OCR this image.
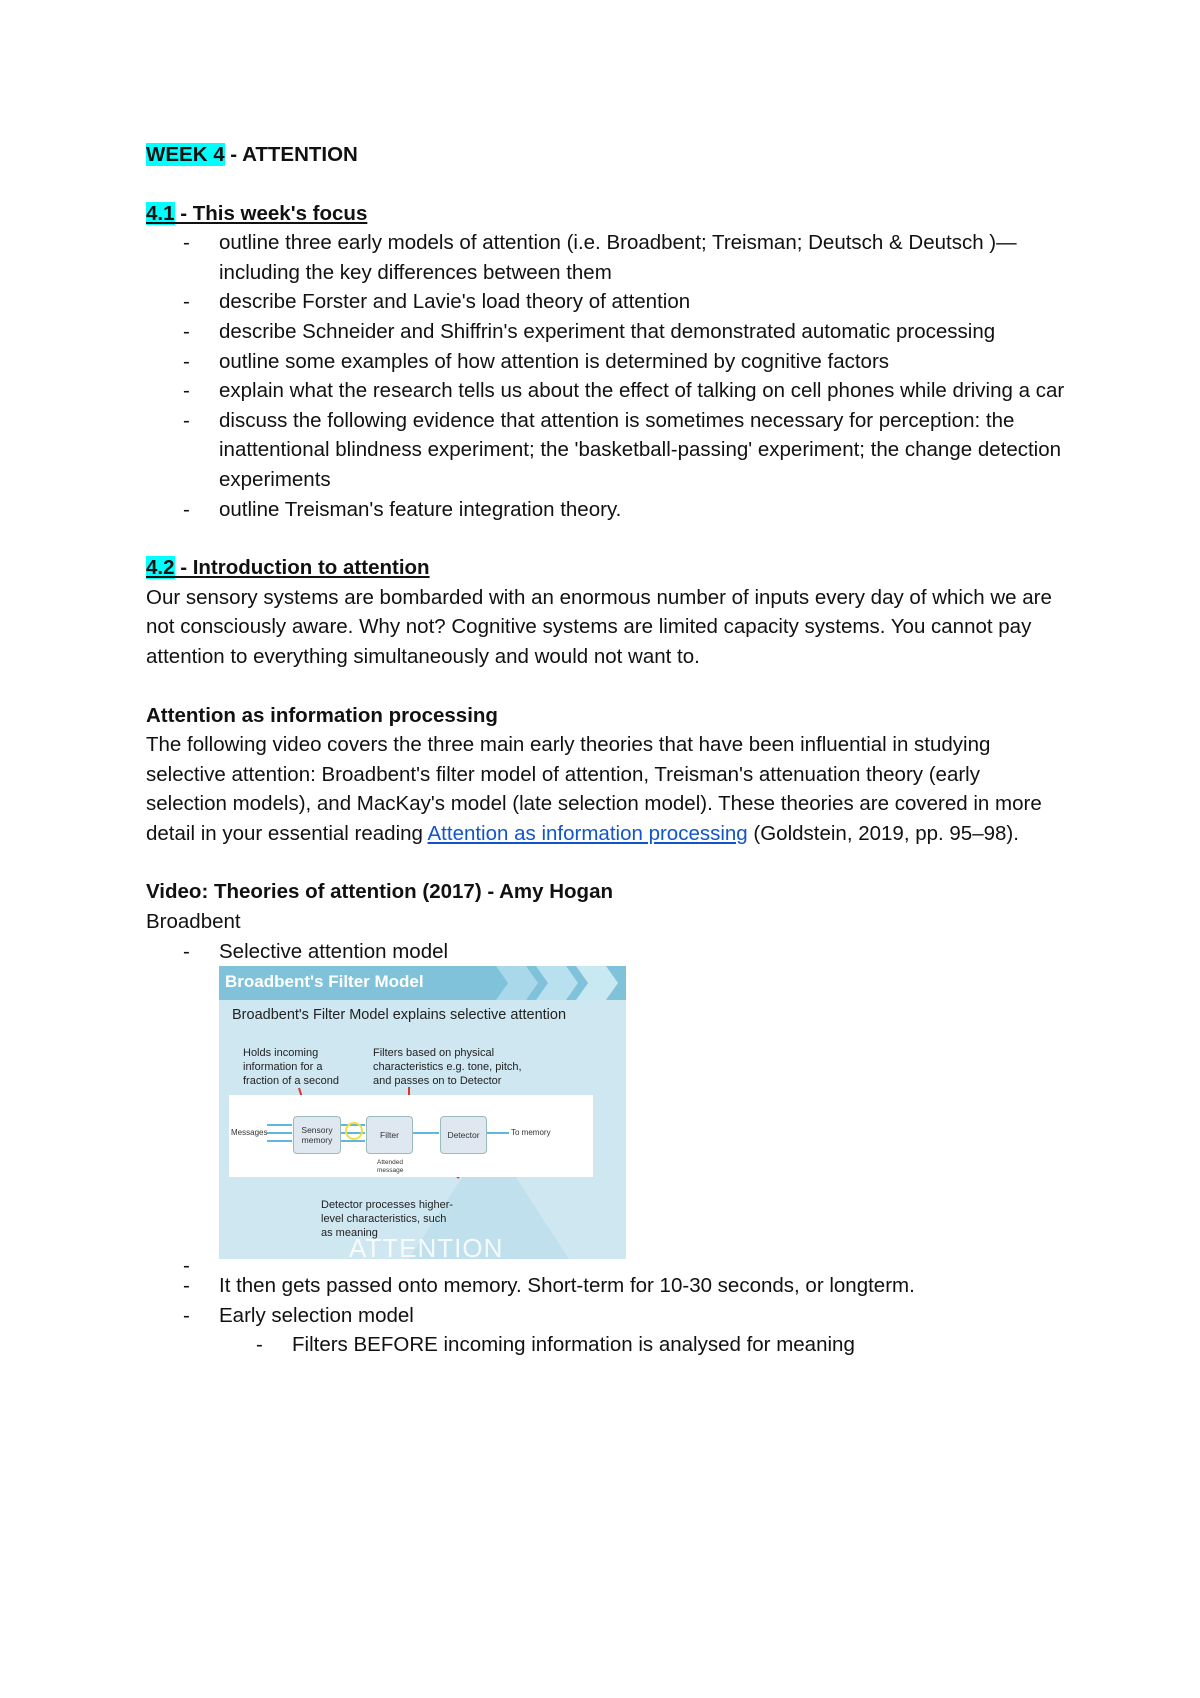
WEEK 4 - ATTENTION
4.1 - This week's focus
- outline three early models of attention (i.e. Broadbent; Treisman; Deutsch & Deutsch )—including the key differences between them
- describe Forster and Lavie's load theory of attention
- describe Schneider and Shiffrin's experiment that demonstrated automatic processing
- outline some examples of how attention is determined by cognitive factors
- explain what the research tells us about the effect of talking on cell phones while driving a car
- discuss the following evidence that attention is sometimes necessary for perception: the inattentional blindness experiment; the 'basketball-passing' experiment; the change detection experiments
- outline Treisman's feature integration theory.
4.2 - Introduction to attention

Our sensory systems are bombarded with an enormous number of inputs every day of which we are not consciously aware. Why not? Cognitive systems are limited capacity systems. You cannot pay attention to everything simultaneously and would not want to.

Attention as information processing

The following video covers the three main early theories that have been influential in studying selective attention: Broadbent's filter model of attention, Treisman's attenuation theory (early selection models), and MacKay's model (late selection model). These theories are covered in more detail in your essential reading Attention as information processing (Goldstein, 2019, pp. 95–98).

Video: Theories of attention (2017) - Amy Hogan
Broadbent
- Selective attention model
Broadbent's Filter Model
Broadbent's Filter Model explains selective attention
Holds incoming
information for a
fraction of a second
Filters based on physical
characteristics e.g. tone, pitch,
and passes on to Detector
Messages	Sensory
memory	Filter	Detector	To memory
Attended
message
Detector processes higher-
level characteristics, such
as meaning
ATTENTION
-
- It then gets passed onto memory. Short-term for 10-30 seconds, or longterm.
- Early selection model
- Filters BEFORE incoming information is analysed for meaning
